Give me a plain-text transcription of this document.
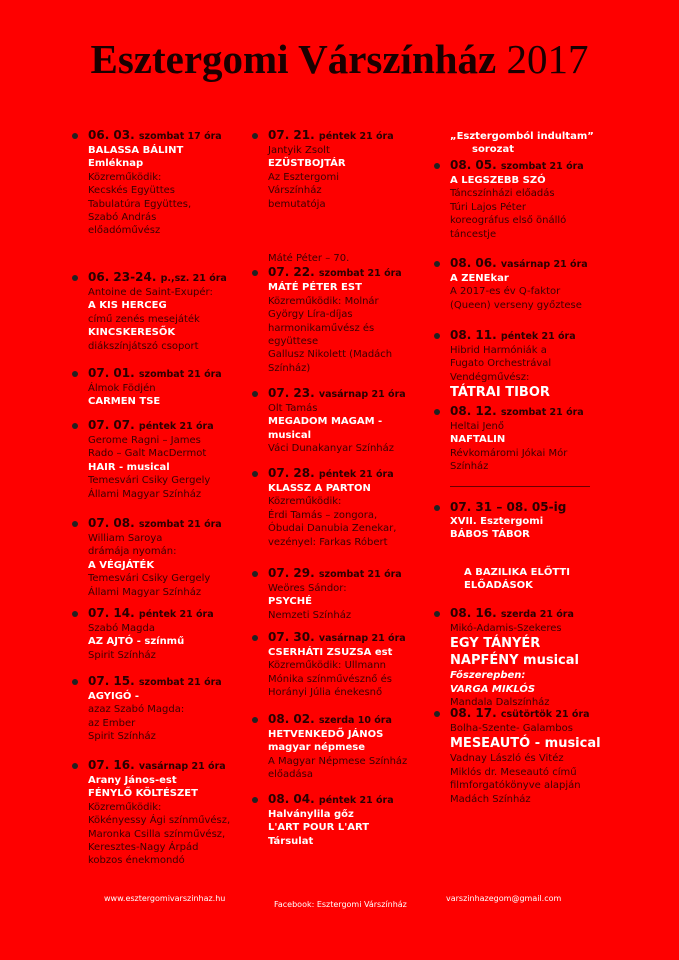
Esztergomi Várszínház 2017
06. 03. szombat 17 óra
BALASSA BÁLINT
Emléknap
Közreműködik:
Kecskés Együttes
Tabulatúra Együttes,
Szabó András
előadóművész
06. 23-24. p.,sz. 21 óra
Antoine de Saint-Exupér:
A KIS HERCEG
című zenés mesejáték
KINCSKERESŐK
diákszínjátszó csoport
07. 01. szombat 21 óra
Álmok Födjén
CARMEN TSE
07. 07. péntek 21 óra
Gerome Ragni – James
Rado – Galt MacDermot
HAIR - musical
Temesvári Csiky Gergely
Állami Magyar Színház
07. 08. szombat 21 óra
William Saroya
drámája nyomán:
A VÉGJÁTÉK
Temesvári Csiky Gergely
Állami Magyar Színház
07. 14. péntek 21 óra
Szabó Magda
AZ AJTÓ - színmű
Spirit Színház
07. 15. szombat 21 óra
AGYIGÓ -
azaz Szabó Magda:
az Ember
Spirit Színház
07. 16. vasárnap 21 óra
Arany János-est
FÉNYLŐ KÖLTÉSZET
Közreműködik:
Kökényessy Ági színművész,
Maronka Csilla színművész,
Keresztes-Nagy Árpád
kobzos énekmondó
07. 21. péntek 21 óra
Jantyik Zsolt
EZÜSTBOJTÁR
Az Esztergomi
Várszínház
bemutatója
Máté Péter – 70.
07. 22. szombat 21 óra
MÁTÉ PÉTER EST
Közreműködik: Molnár
György Líra-díjas
harmonikaművész és
együttese
Gallusz Nikolett (Madách
Színház)
07. 23. vasárnap 21 óra
Olt Tamás
MEGADOM MAGAM -
musical
Váci Dunakanyar Színház
07. 28. péntek 21 óra
KLASSZ A PARTON
Közreműködik:
Érdi Tamás – zongora,
Óbudai Danubia Zenekar,
vezényel: Farkas Róbert
07. 29. szombat 21 óra
Weöres Sándor:
PSYCHÉ
Nemzeti Színház
07. 30. vasárnap 21 óra
CSERHÁTI ZSUZSA est
Közreműködik: Ullmann
Mónika színművésznő és
Horányi Júlia énekesnő
08. 02. szerda 10 óra
HETVENKEDŐ JÁNOS
magyar népmese
A Magyar Népmese Színház
előadása
08. 04. péntek 21 óra
Halványlila gőz
L'ART POUR L'ART
Társulat
„Esztergomból indultam”
sorozat
A BAZILIKA ELŐTTI
ELŐADÁSOK
08. 05. szombat 21 óra
A LEGSZEBB SZÓ
Táncszínházi előadás
Túri Lajos Péter
koreográfus első önálló
táncestje
08. 06. vasárnap 21 óra
A ZENEkar
A 2017-es év Q-faktor
(Queen) verseny győztese
08. 11. péntek 21 óra
Hibrid Harmóniák a
Fugato Orchestrával
Vendégművész:
TÁTRAI TIBOR
08. 12. szombat 21 óra
Heltai Jenő
NAFTALIN
Révkomáromi Jókai Mór
Színház
07. 31 – 08. 05-ig
XVII. Esztergomi
BÁBOS TÁBOR
08. 16. szerda 21 óra
Mikó-Adamis-Szekeres
EGY TÁNYÉR
NAPFÉNY musical
Főszerepben:
VARGA MIKLÓS
Mandala Dalszínház
08. 17. csütörtök 21 óra
Bolha-Szente- Galambos
MESEAUTÓ - musical
Vadnay László és Vitéz
Miklós dr. Meseautó című
filmforgatókönyve alapján
Madách Színház
www.esztergomivarszinhaz.hu
Facebook: Esztergomi Várszínház
varszinhazegom@gmail.com
